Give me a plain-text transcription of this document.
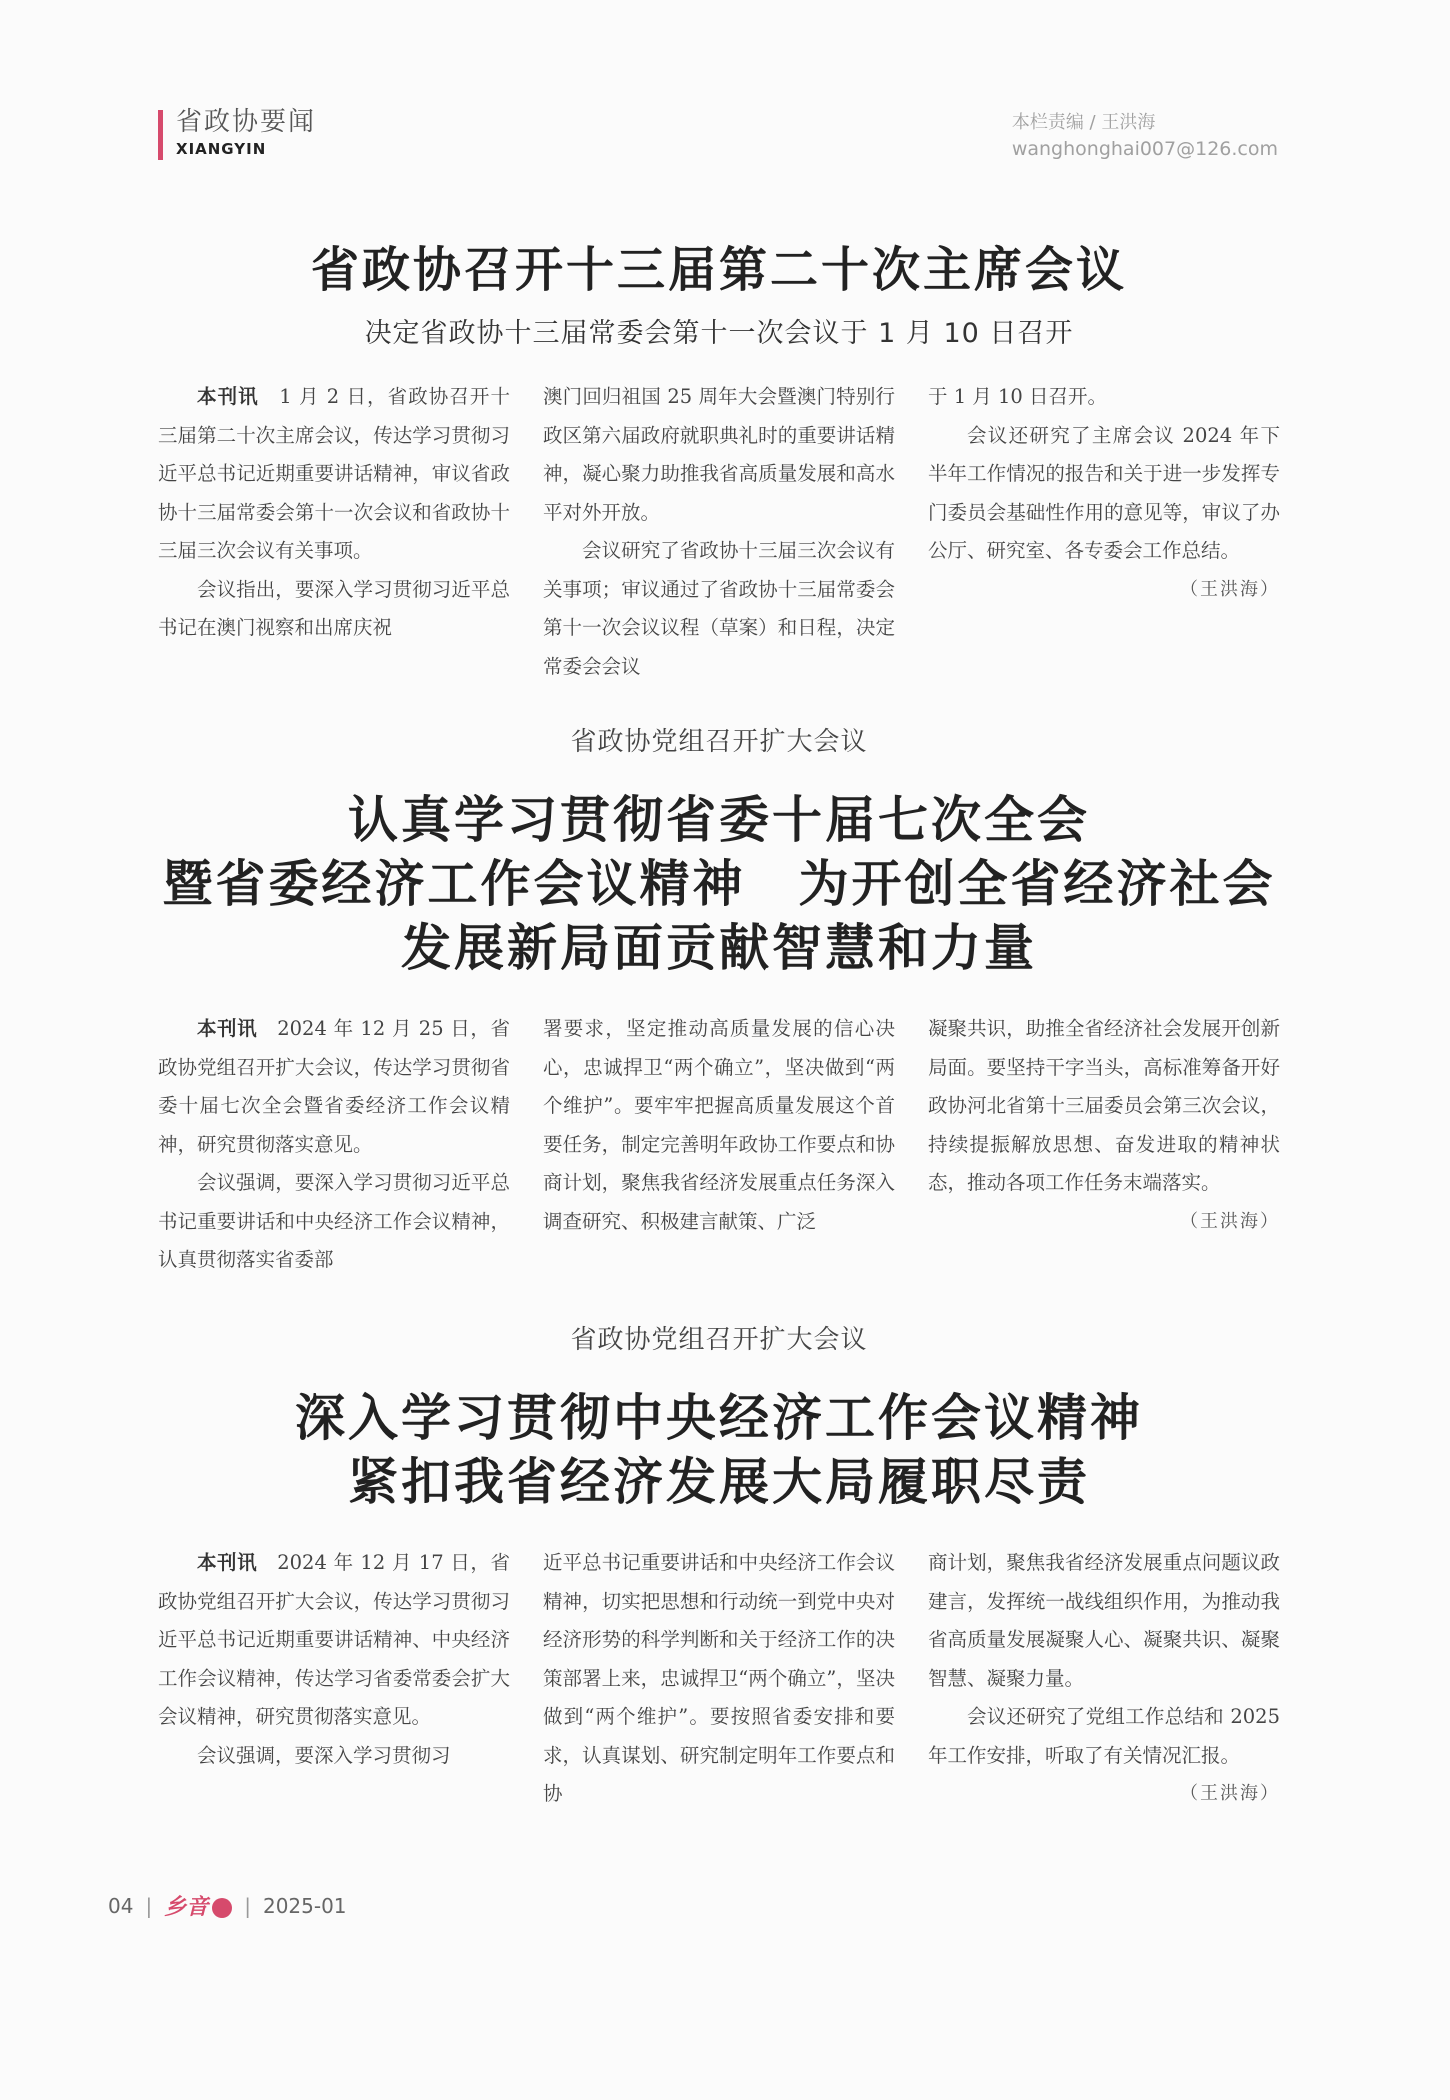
省政协要闻
XIANGYIN
本栏责编 / 王洪海
wanghonghai007@126.com
省政协召开十三届第二十次主席会议
决定省政协十三届常委会第十一次会议于 1 月 10 日召开

本刊讯　 1 月 2 日，省政协召开十三届第二十次主席会议，传达学习贯彻习近平总书记近期重要讲话精神，审议省政协十三届常委会第十一次会议和省政协十三届三次会议有关事项。

会议指出，要深入学习贯彻习近平总书记在澳门视察和出席庆祝

澳门回归祖国 25 周年大会暨澳门特别行政区第六届政府就职典礼时的重要讲话精神，凝心聚力助推我省高质量发展和高水平对外开放。

会议研究了省政协十三届三次会议有关事项；审议通过了省政协十三届常委会第十一次会议议程（草案）和日程，决定常委会会议

于 1 月 10 日召开。

会议还研究了主席会议 2024 年下半年工作情况的报告和关于进一步发挥专门委员会基础性作用的意见等，审议了办公厅、研究室、各专委会工作总结。

（王洪海）
省政协党组召开扩大会议
认真学习贯彻省委十届七次全会
暨省委经济工作会议精神　为开创全省经济社会
发展新局面贡献智慧和力量

本刊讯　 2024 年 12 月 25 日，省政协党组召开扩大会议，传达学习贯彻省委十届七次全会暨省委经济工作会议精神，研究贯彻落实意见。

会议强调，要深入学习贯彻习近平总书记重要讲话和中央经济工作会议精神，认真贯彻落实省委部

署要求，坚定推动高质量发展的信心决心，忠诚捍卫“两个确立”，坚决做到“两个维护”。要牢牢把握高质量发展这个首要任务，制定完善明年政协工作要点和协商计划，聚焦我省经济发展重点任务深入调查研究、积极建言献策、广泛

凝聚共识，助推全省经济社会发展开创新局面。要坚持干字当头，高标准筹备开好政协河北省第十三届委员会第三次会议，持续提振解放思想、奋发进取的精神状态，推动各项工作任务末端落实。

（王洪海）
省政协党组召开扩大会议
深入学习贯彻中央经济工作会议精神
紧扣我省经济发展大局履职尽责

本刊讯　 2024 年 12 月 17 日，省政协党组召开扩大会议，传达学习贯彻习近平总书记近期重要讲话精神、中央经济工作会议精神，传达学习省委常委会扩大会议精神，研究贯彻落实意见。

会议强调，要深入学习贯彻习

近平总书记重要讲话和中央经济工作会议精神，切实把思想和行动统一到党中央对经济形势的科学判断和关于经济工作的决策部署上来，忠诚捍卫“两个确立”，坚决做到“两个维护”。要按照省委安排和要求，认真谋划、研究制定明年工作要点和协

商计划，聚焦我省经济发展重点问题议政建言，发挥统一战线组织作用，为推动我省高质量发展凝聚人心、凝聚共识、凝聚智慧、凝聚力量。

会议还研究了党组工作总结和 2025 年工作安排，听取了有关情况汇报。

（王洪海）
04 | 乡音 | 2025-01
